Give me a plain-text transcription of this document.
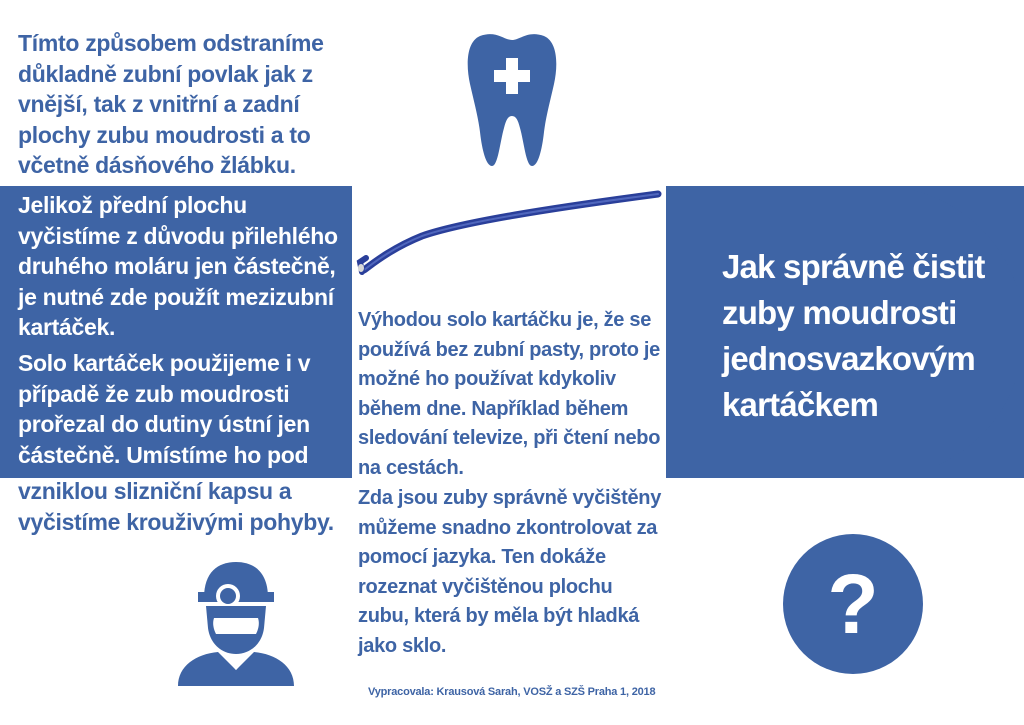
Tímto způsobem odstraníme důkladně zubní povlak jak z vnější, tak z vnitřní a zadní plochy zubu moudrosti a to včetně dásňového žlábku.
Jelikož přední plochu vyčistíme z důvodu přilehlého druhého moláru jen částečně, je nutné zde použít mezizubní kartáček.
Solo kartáček použijeme i v případě že zub moudrosti prořezal do dutiny ústní jen částečně. Umístíme ho pod
vzniklou slizniční kapsu a vyčistíme krouživými pohyby.
Výhodou solo kartáčku je, že se používá bez zubní pasty, proto je možné ho používat kdykoliv během dne. Například během sledování televize, při čtení nebo na cestách.
Zda jsou zuby správně vyčištěny můžeme snadno zkontrolovat za pomocí jazyka. Ten dokáže rozeznat vyčištěnou plochu zubu, která by měla být hladká jako sklo.
Jak správně čistit zuby moudrosti jednosvazkovým kartáčkem
?
Vypracovala: Krausová Sarah, VOSŽ a SZŠ Praha 1, 2018
